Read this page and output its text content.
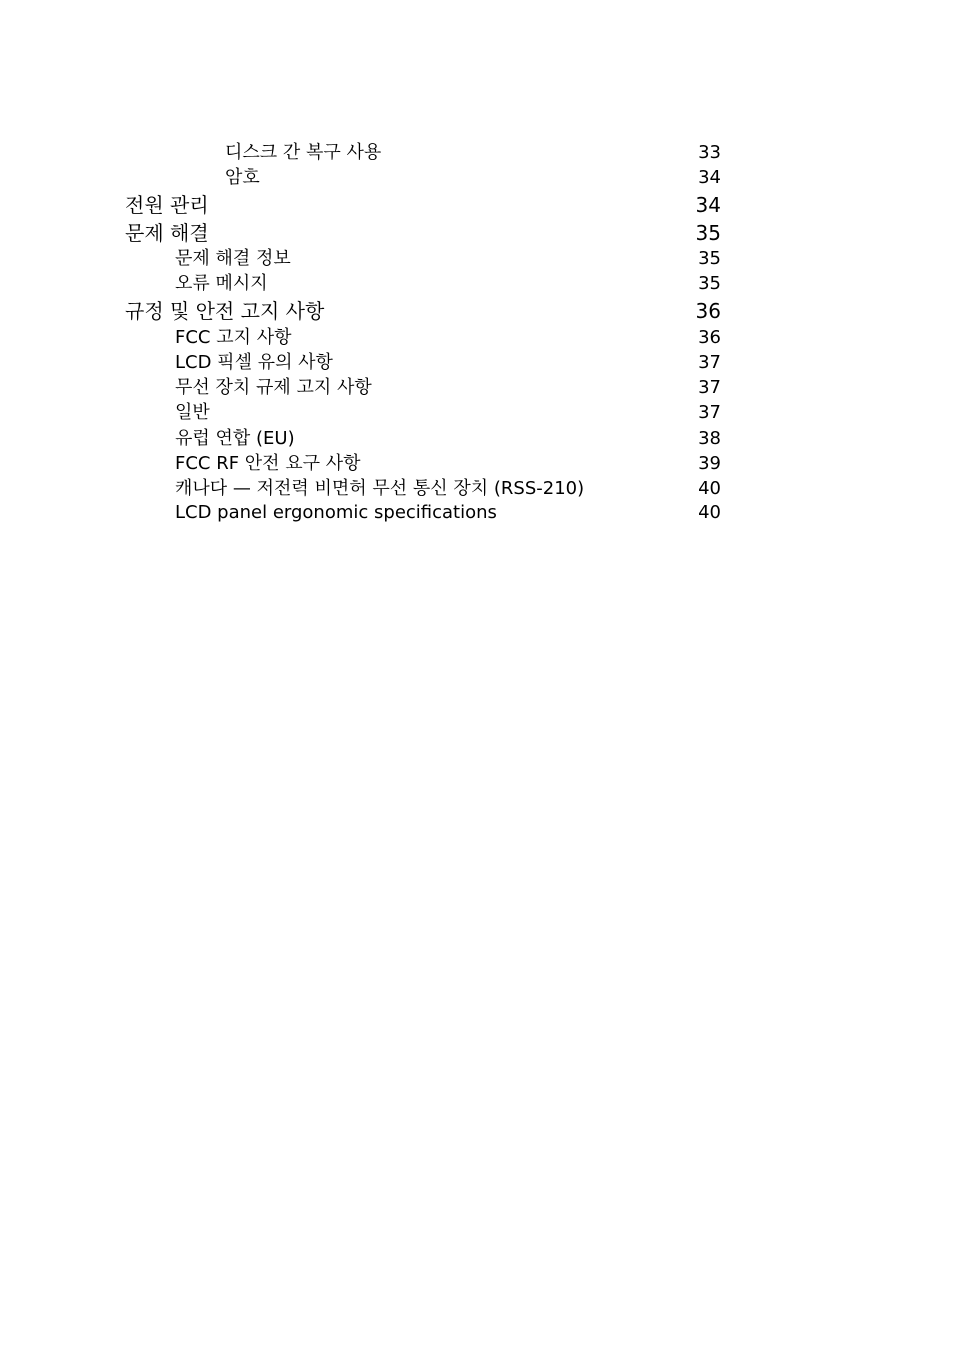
디스크 간 복구 사용	33
암호	34
전원 관리	34
문제 해결	35
문제 해결 정보	35
오류 메시지	35
규정 및 안전 고지 사항	36
FCC 고지 사항	36
LCD 픽셀 유의 사항	37
무선 장치 규제 고지 사항	37
일반	37
유럽 연합 (EU)	38
FCC RF 안전 요구 사항	39
캐나다 — 저전력 비면허 무선 통신 장치 (RSS-210)	40
LCD panel ergonomic specifications	40
